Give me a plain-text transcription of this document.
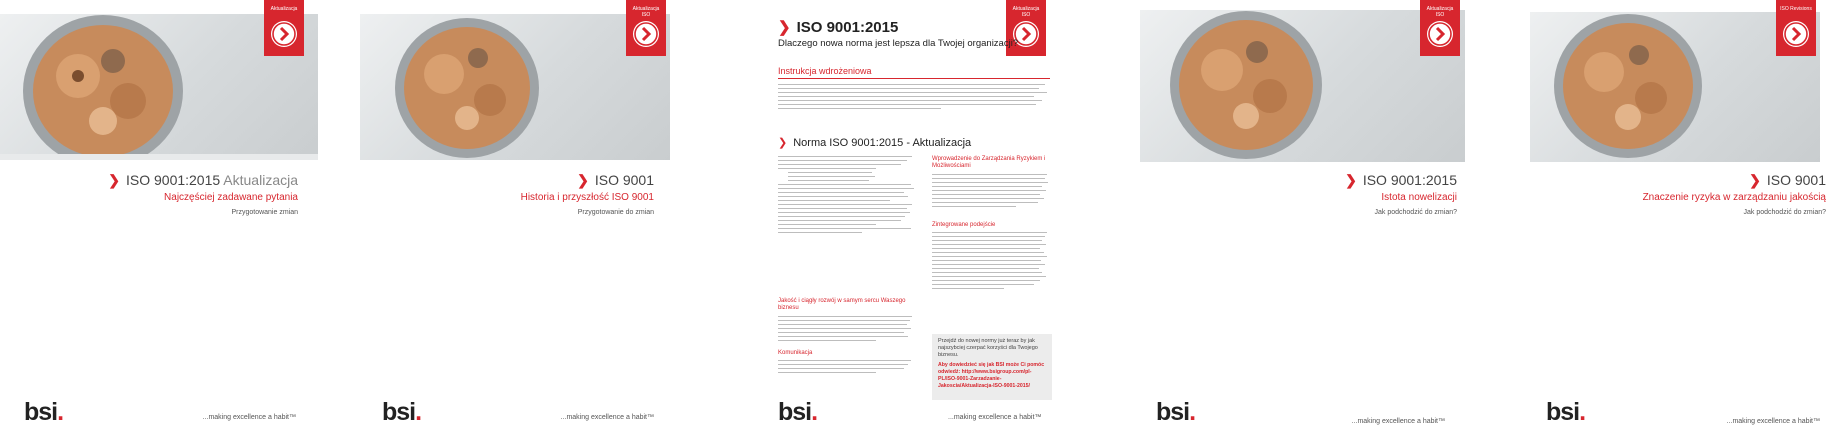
Aktualizacja
❯ ISO 9001:2015 Aktualizacja
Najczęściej zadawane pytania
Przygotowanie zmian
bsi.	...making excellence a habit™
Aktualizacja ISO
❯ ISO 9001
Historia i przyszłość ISO 9001
Przygotowanie do zmian
bsi.	...making excellence a habit™
Aktualizacja ISO
❯ ISO 9001:2015
Dlaczego nowa norma jest lepsza dla Twojej organizacji?
Instrukcja wdrożeniowa
❯ Norma ISO 9001:2015 - Aktualizacja
Jakość i ciągły rozwój w samym sercu Waszego biznesu
Komunikacja
Wprowadzenie do Zarządzania Ryzykiem i Możliwościami
Zintegrowane podejście
Przejdź do nowej normy już teraz by jak najszybciej czerpać korzyści dla Twojego biznesu.
Aby dowiedzieć się jak BSI może Ci pomóc odwiedź: http://www.bsigroup.com/pl-PL/ISO-9001-Zarzadzanie-Jakoscia/Aktualizacja-ISO-9001-2015/
bsi.	...making excellence a habit™
Aktualizacja ISO
❯ ISO 9001:2015
Istota nowelizacji
Jak podchodzić do zmian?
bsi.	...making excellence a habit™
ISO Revisions
❯ ISO 9001
Znaczenie ryzyka w zarządzaniu jakością
Jak podchodzić do zmian?
bsi.	...making excellence a habit™
